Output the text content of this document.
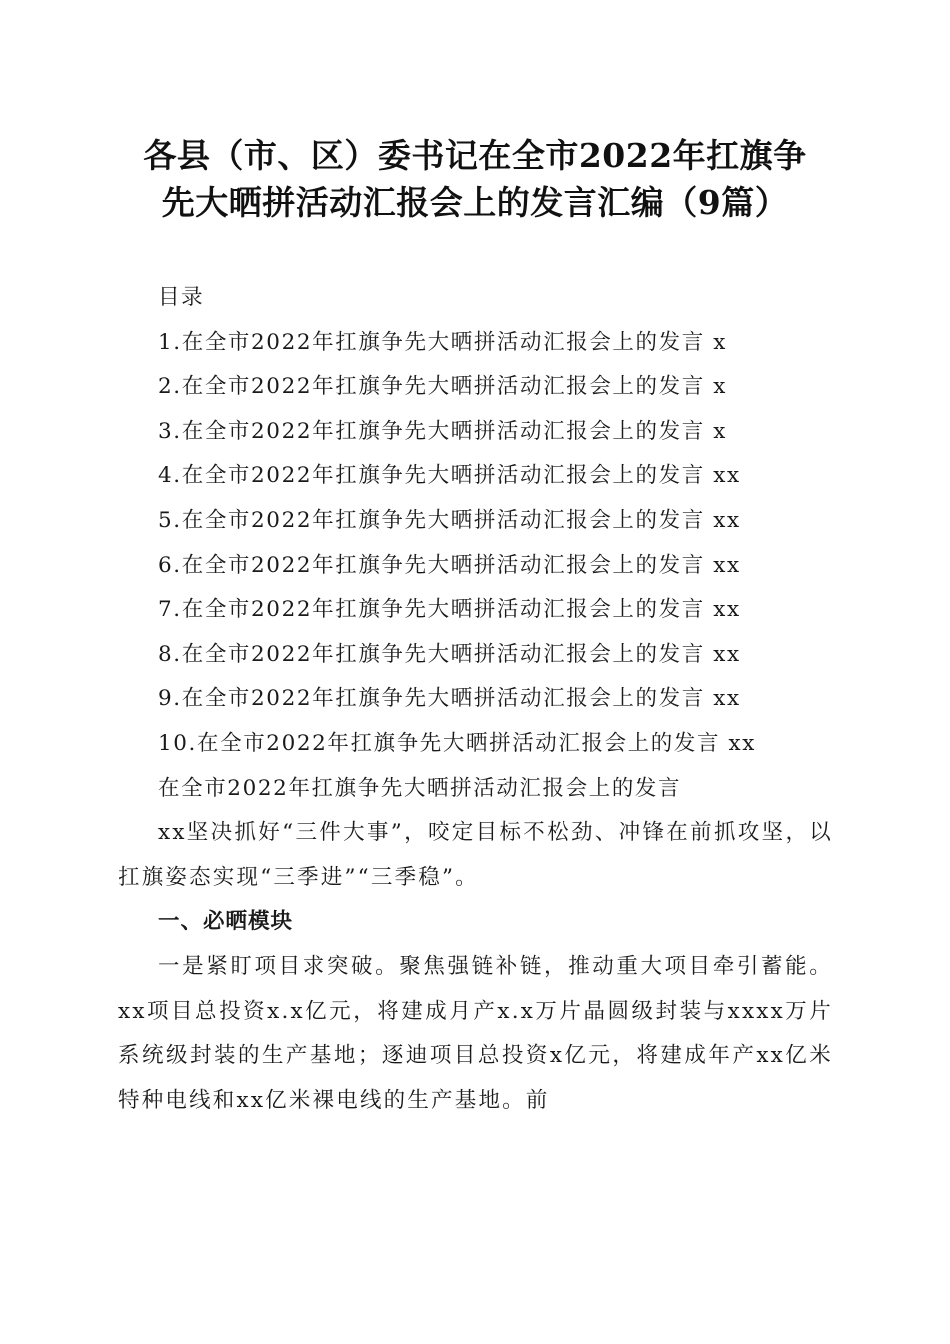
各县（市、区）委书记在全市2022年扛旗争
先大晒拼活动汇报会上的发言汇编（9篇）
目录
1.在全市2022年扛旗争先大晒拼活动汇报会上的发言 x
2.在全市2022年扛旗争先大晒拼活动汇报会上的发言 x
3.在全市2022年扛旗争先大晒拼活动汇报会上的发言 x
4.在全市2022年扛旗争先大晒拼活动汇报会上的发言 xx
5.在全市2022年扛旗争先大晒拼活动汇报会上的发言 xx
6.在全市2022年扛旗争先大晒拼活动汇报会上的发言 xx
7.在全市2022年扛旗争先大晒拼活动汇报会上的发言 xx
8.在全市2022年扛旗争先大晒拼活动汇报会上的发言 xx
9.在全市2022年扛旗争先大晒拼活动汇报会上的发言 xx
10.在全市2022年扛旗争先大晒拼活动汇报会上的发言 xx
在全市2022年扛旗争先大晒拼活动汇报会上的发言
xx坚决抓好“三件大事”，咬定目标不松劲、冲锋在前抓攻坚，以扛旗姿态实现“三季进”“三季稳”。
一、必晒模块
一是紧盯项目求突破。聚焦强链补链，推动重大项目牵引蓄能。xx项目总投资x.x亿元，将建成月产x.x万片晶圆级封装与xxxx万片系统级封装的生产基地；逐迪项目总投资x亿元，将建成年产xx亿米特种电线和xx亿米裸电线的生产基地。前
